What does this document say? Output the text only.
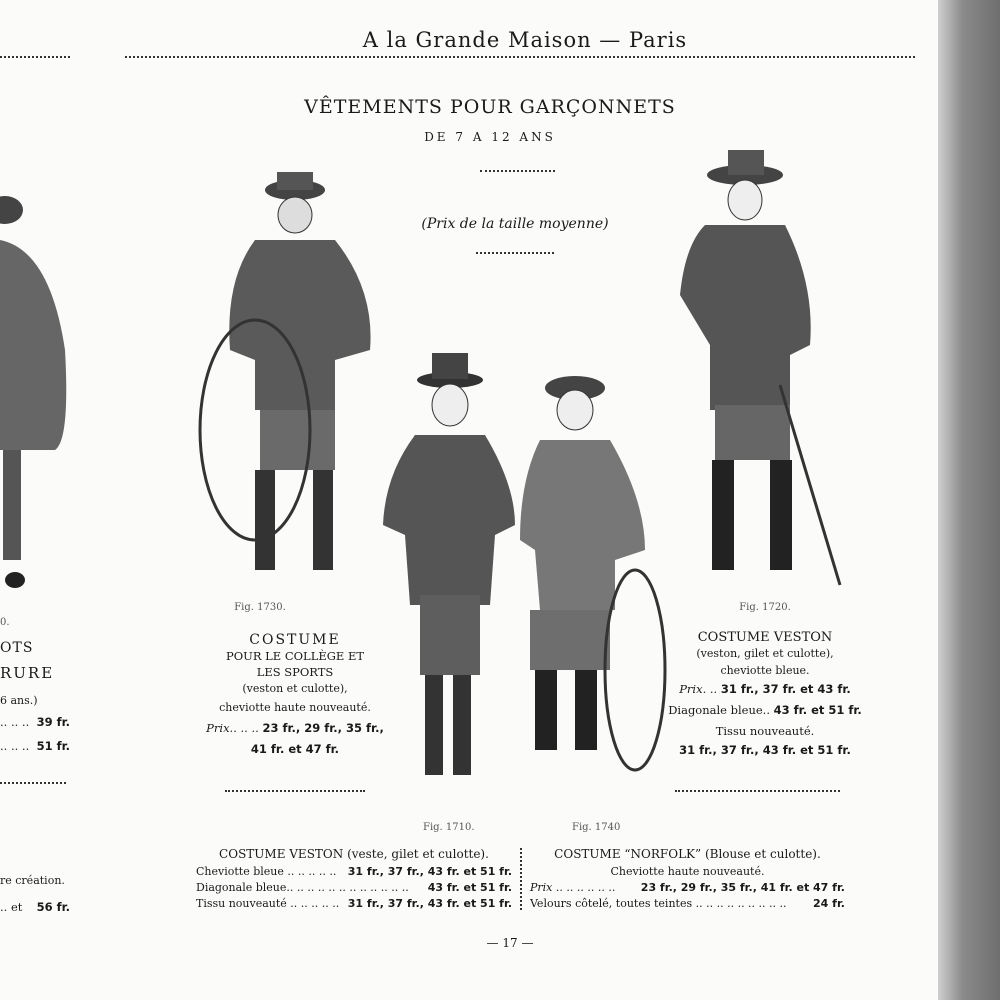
A la Grande Maison — Paris
VÊTEMENTS POUR GARÇONNETS
DE 7 A 12 ANS
(Prix de la taille moyenne)
0.
OTS
RURE
6 ans.)
.. .. .. 39 fr.
.. .. .. 51 fr.
re création.
.. et 56 fr.
Fig. 1730.
COSTUME
POUR LE COLLÈGE ET
LES SPORTS
(veston et culotte),
cheviotte haute nouveauté.
Prix.. .. .. 23 fr., 29 fr., 35 fr.,
41 fr. et 47 fr.
Fig. 1720.
COSTUME VESTON
(veston, gilet et culotte),
cheviotte bleue.
Prix. .. 31 fr., 37 fr. et 43 fr.
Diagonale bleue.. 43 fr. et 51 fr.
Tissu nouveauté.
31 fr., 37 fr., 43 fr. et 51 fr.
Fig. 1710.	Fig. 1740
COSTUME VESTON (veste, gilet et culotte).
Cheviotte bleue .. .. .. .. .. 31 fr., 37 fr., 43 fr. et 51 fr.
Diagonale bleue.. .. .. .. .. .. .. .. .. .. .. .. 43 fr. et 51 fr.
Tissu nouveauté .. .. .. .. .. 31 fr., 37 fr., 43 fr. et 51 fr.
COSTUME “NORFOLK” (Blouse et culotte).
Cheviotte haute nouveauté.
Prix .. .. .. .. .. .. 23 fr., 29 fr., 35 fr., 41 fr. et 47 fr.
Velours côtelé, toutes teintes .. .. .. .. .. .. .. .. .. 24 fr.
— 17 —
